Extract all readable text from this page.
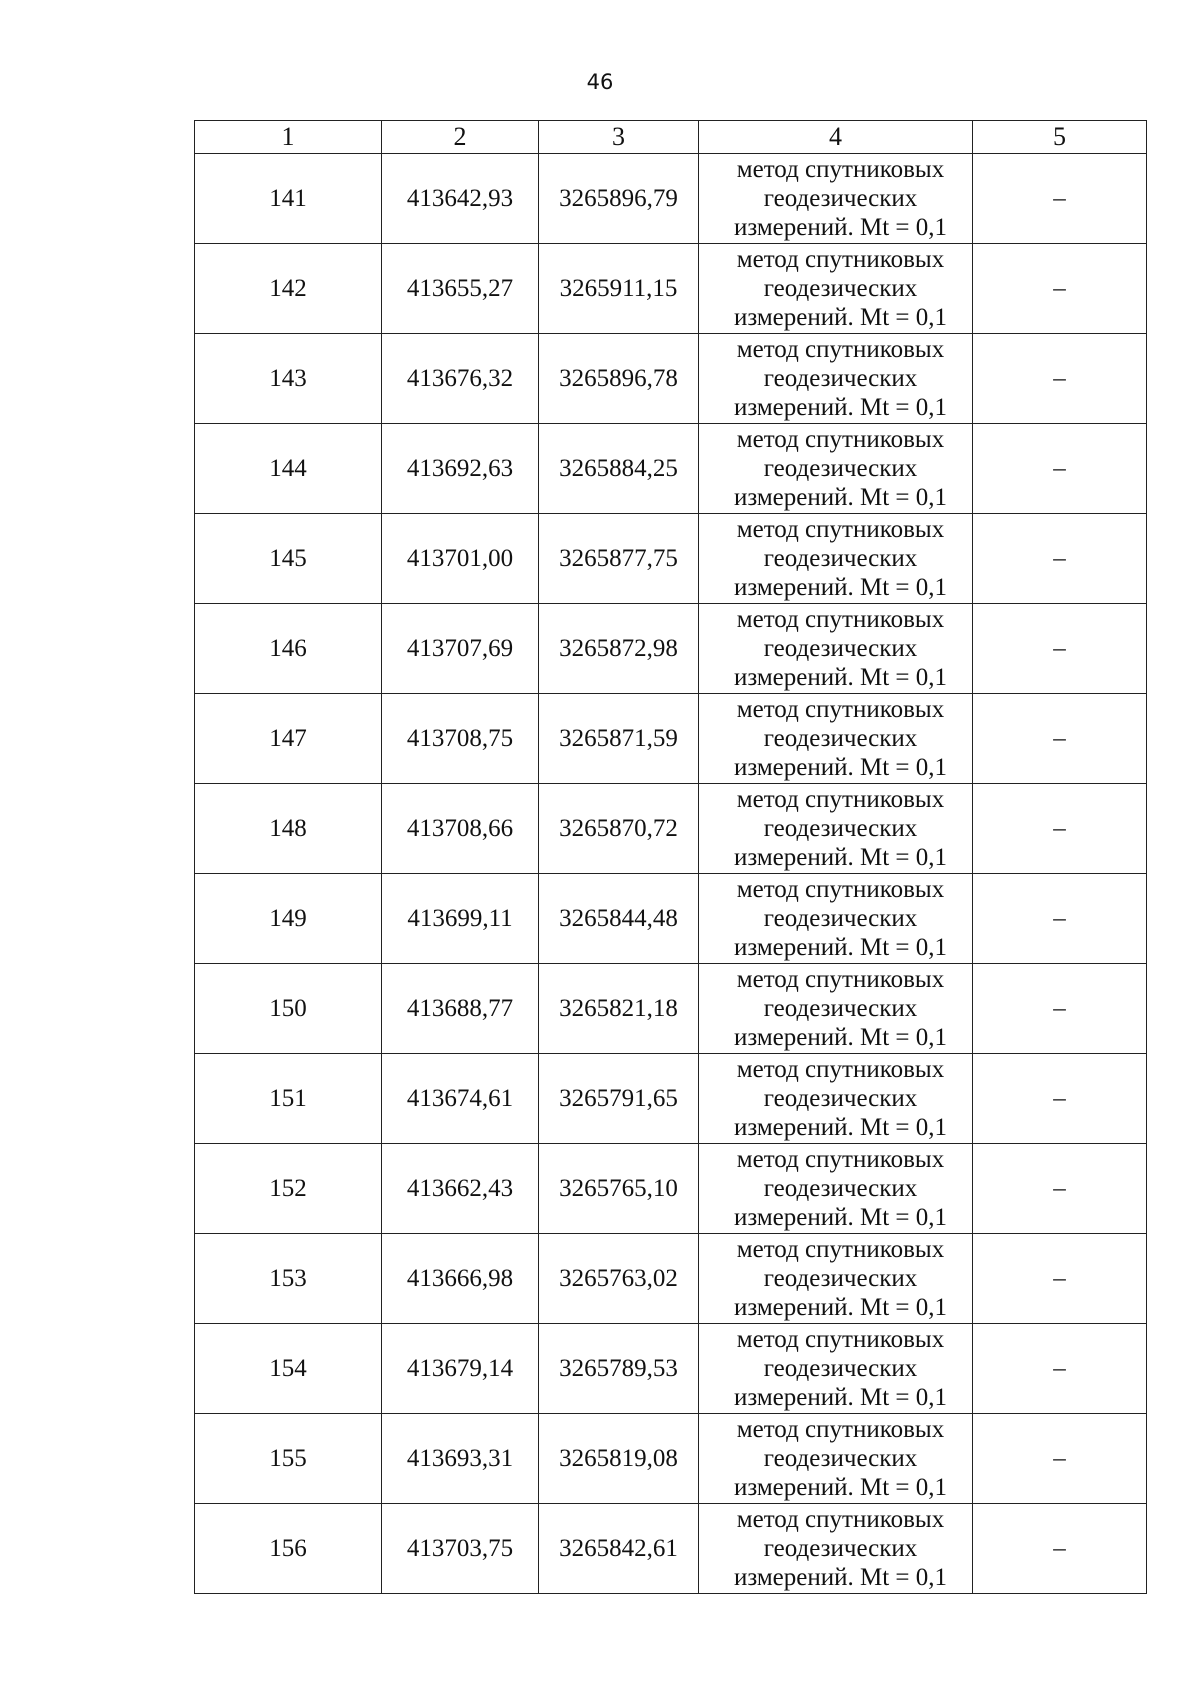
46
1	2	3	4	5
141	413642,93	3265896,79	метод спутниковых
геодезических
измерений. Mt = 0,1	–
142	413655,27	3265911,15	метод спутниковых
геодезических
измерений. Mt = 0,1	–
143	413676,32	3265896,78	метод спутниковых
геодезических
измерений. Mt = 0,1	–
144	413692,63	3265884,25	метод спутниковых
геодезических
измерений. Mt = 0,1	–
145	413701,00	3265877,75	метод спутниковых
геодезических
измерений. Mt = 0,1	–
146	413707,69	3265872,98	метод спутниковых
геодезических
измерений. Mt = 0,1	–
147	413708,75	3265871,59	метод спутниковых
геодезических
измерений. Mt = 0,1	–
148	413708,66	3265870,72	метод спутниковых
геодезических
измерений. Mt = 0,1	–
149	413699,11	3265844,48	метод спутниковых
геодезических
измерений. Mt = 0,1	–
150	413688,77	3265821,18	метод спутниковых
геодезических
измерений. Mt = 0,1	–
151	413674,61	3265791,65	метод спутниковых
геодезических
измерений. Mt = 0,1	–
152	413662,43	3265765,10	метод спутниковых
геодезических
измерений. Mt = 0,1	–
153	413666,98	3265763,02	метод спутниковых
геодезических
измерений. Mt = 0,1	–
154	413679,14	3265789,53	метод спутниковых
геодезических
измерений. Mt = 0,1	–
155	413693,31	3265819,08	метод спутниковых
геодезических
измерений. Mt = 0,1	–
156	413703,75	3265842,61	метод спутниковых
геодезических
измерений. Mt = 0,1	–
